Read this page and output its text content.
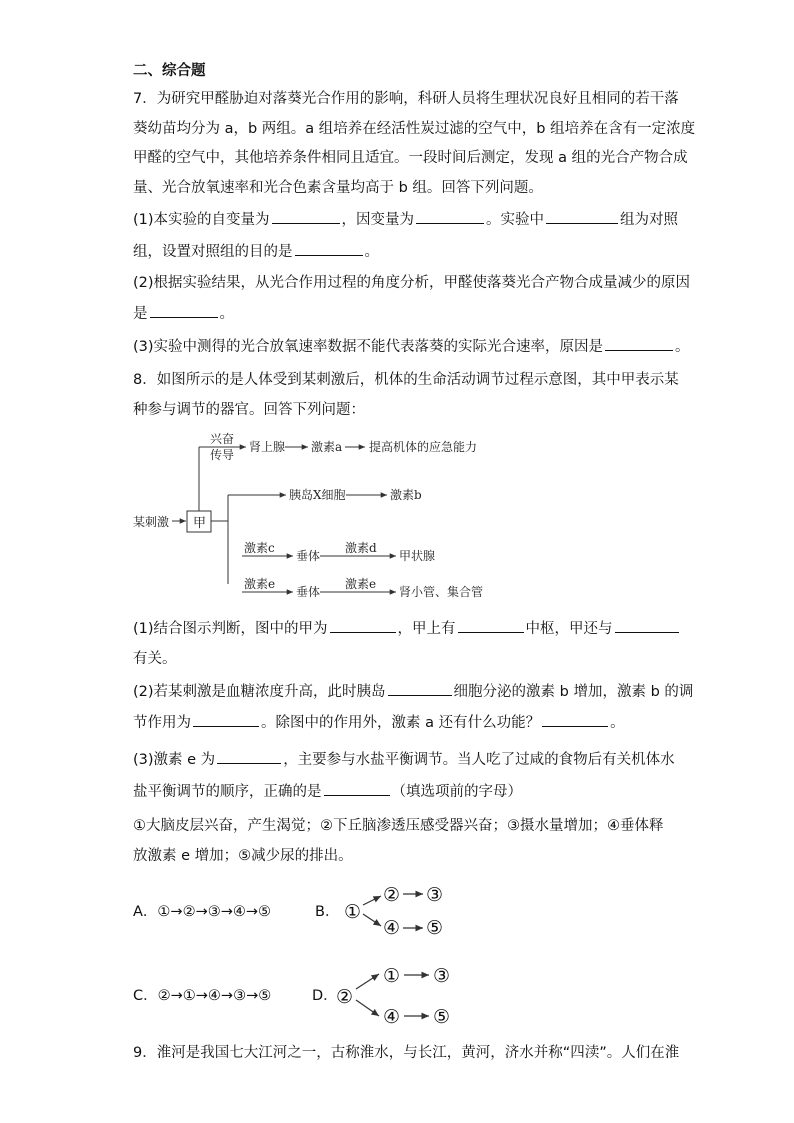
二、综合题
7．为研究甲醛胁迫对落葵光合作用的影响，科研人员将生理状况良好且相同的若干落
葵幼苗均分为 a，b 两组。a 组培养在经活性炭过滤的空气中，b 组培养在含有一定浓度
甲醛的空气中，其他培养条件相同且适宜。一段时间后测定，发现 a 组的光合产物合成
量、光合放氧速率和光合色素含量均高于 b 组。回答下列问题。
(1)本实验的自变量为	，因变量为	。实验中	组为对照
组，设置对照组的目的是	。
(2)根据实验结果，从光合作用过程的角度分析，甲醛使落葵光合产物合成量减少的原因
是	。
(3)实验中测得的光合放氧速率数据不能代表落葵的实际光合速率，原因是	。
8．如图所示的是人体受到某刺激后，机体的生命活动调节过程示意图，其中甲表示某
种参与调节的器官。回答下列问题：
某刺激 甲
兴奋
传导
肾上腺 激素a 提高机体的应急能力
胰岛X细胞	激素b
激素c
垂体
激素d
甲状腺
激素e
垂体
激素e
肾小管、集合管
①
② ③
④ ⑤
②
① ③
④ ⑤
(1)结合图示判断，图中的甲为	，甲上有	中枢，甲还与
有关。
(2)若某刺激是血糖浓度升高，此时胰岛	细胞分泌的激素 b 增加，激素 b 的调
节作用为	。除图中的作用外，激素 a 还有什么功能？	。
(3)激素 e 为	，主要参与水盐平衡调节。当人吃了过咸的食物后有关机体水
盐平衡调节的顺序，正确的是	（填选项前的字母）
①大脑皮层兴奋，产生渴觉；②下丘脑渗透压感受器兴奋；③摄水量增加；④垂体释
放激素 e 增加；⑤减少尿的排出。
A．①→②→③→④→⑤	B．
C．②→①→④→③→⑤	D．
9．淮河是我国七大江河之一，古称淮水，与长江，黄河，济水并称“四渎”。人们在淮
